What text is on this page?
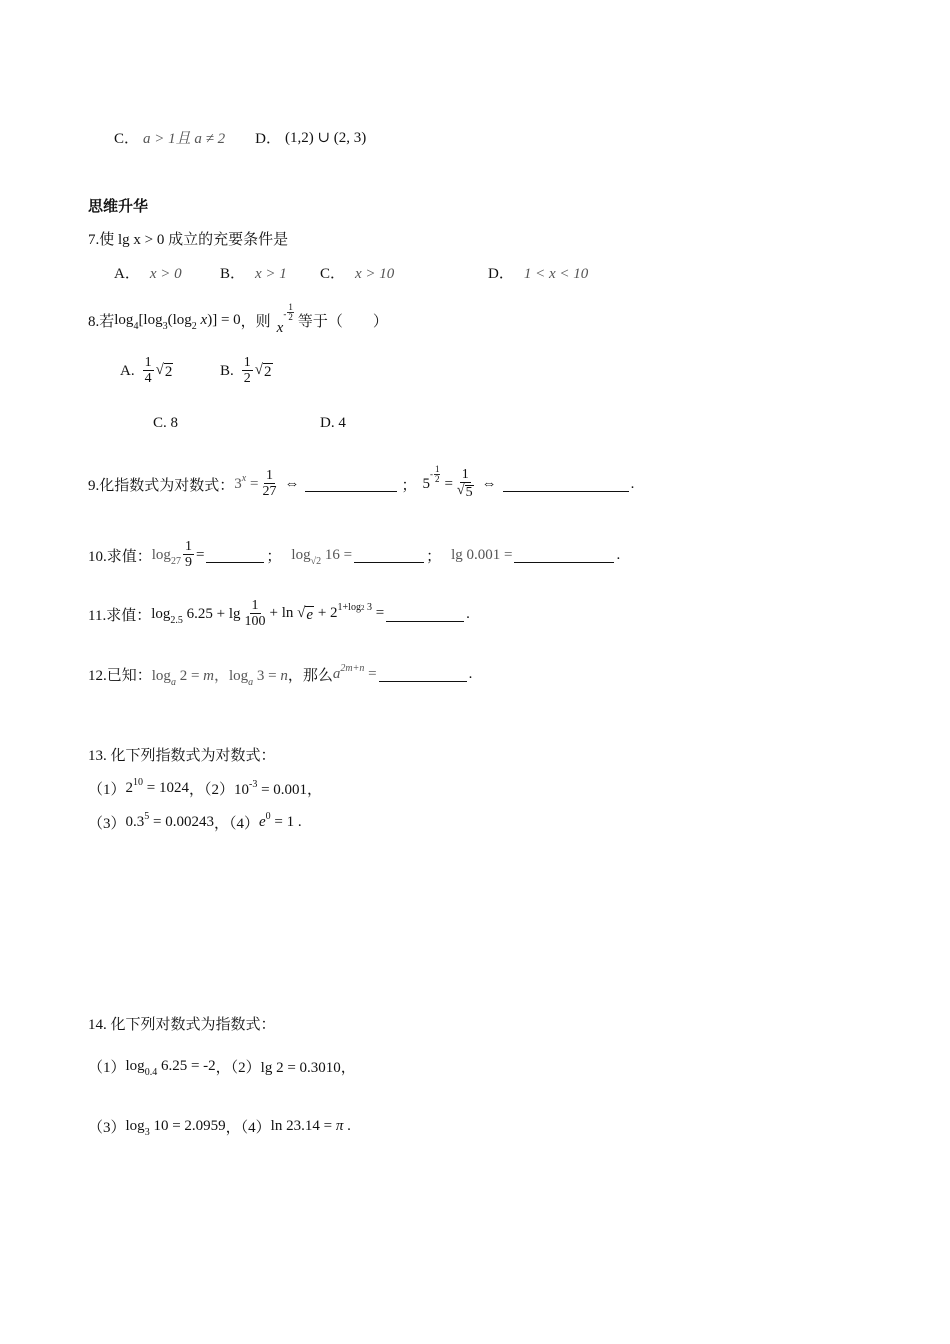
C． a > 1且 a ≠ 2 D． (1,2) ∪ (2, 3)
思维升华
7.使 lg x > 0 成立的充要条件是
A． x > 0	B． x > 1 C． x > 10	D． 1 < x < 10
8.若 $\log_4[\log_3(\log_2$ x)] = 0 ，则 x
-
1
2 等于（　　）
A. $\frac{1}{4}$ √ 2	B. $\frac{1}{2}$ √ 2
C. 8	D. 4
9.化指数式为对数式： $3^x = \frac{1}{27}$ ⇔	； 5
- $\frac{1}{2} = \frac{1}{√ 5}$ ⇔	.
10.求值： $\log_{27} \frac{1}{9}$ =	； $\log_{√2} 16$ =	； lg 0.001 =	.
11.求值： $\log_{2.5} 6.25 + \lg \frac{1}{100} + \ln$ √ $e + 2^{1+log2 3}$ =	.
12.已知： $\log_a 2 = m$，$\log_a 3 = n$ ，那么 $a^{2m+n}$ =	.
13. 化下列指数式为对数式：
（1） $2^{10} = 1024$ ，（2） $10^{-3} = 0.001$，
（3） $0.3^5 = 0.00243$ ，（4） $e^0 = 1$ .
14. 化下列对数式为指数式：
（1） $\log_{0.4} 6.25 = -2$ ，（2） lg 2 = 0.3010，
（3） $\log_3 10 = 2.0959$ ，（4） ln 23.14 = π .
